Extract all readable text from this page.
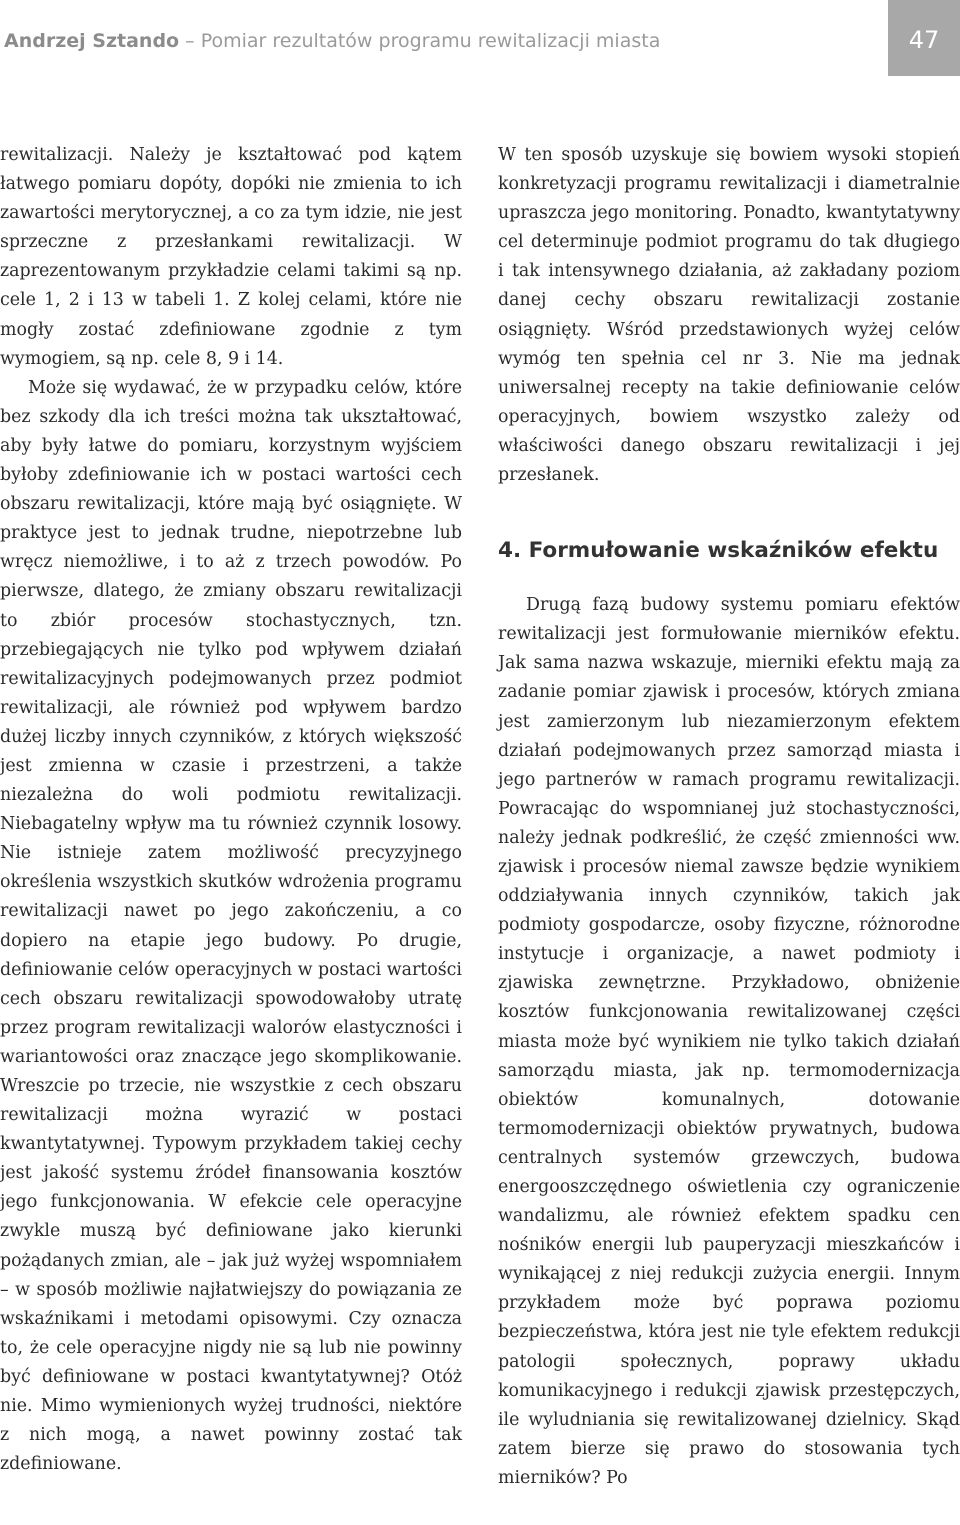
Andrzej Sztando – Pomiar rezultatów programu rewitalizacji miasta	47

rewitalizacji. Należy je kształtować pod kątem łatwego pomiaru dopóty, dopóki nie zmienia to ich zawartości merytorycznej, a co za tym idzie, nie jest sprzeczne z przesłankami rewitalizacji. W zaprezentowanym przykładzie celami takimi są np. cele 1, 2 i 13 w tabeli 1. Z kolej celami, które nie mogły zostać zdefiniowane zgodnie z tym wymogiem, są np. cele 8, 9 i 14.

Może się wydawać, że w przypadku celów, które bez szkody dla ich treści można tak ukształtować, aby były łatwe do pomiaru, korzystnym wyjściem byłoby zdefiniowanie ich w postaci wartości cech obszaru rewitalizacji, które mają być osiągnięte. W praktyce jest to jednak trudne, niepotrzebne lub wręcz niemożliwe, i to aż z trzech powodów. Po pierwsze, dlatego, że zmiany obszaru rewitalizacji to zbiór procesów stochastycznych, tzn. przebiegających nie tylko pod wpływem działań rewitalizacyjnych podejmowanych przez podmiot rewitalizacji, ale również pod wpływem bardzo dużej liczby innych czynników, z których większość jest zmienna w czasie i przestrzeni, a także niezależna do woli podmiotu rewitalizacji. Niebagatelny wpływ ma tu również czynnik losowy. Nie istnieje zatem możliwość precyzyjnego określenia wszystkich skutków wdrożenia programu rewitalizacji nawet po jego zakończeniu, a co dopiero na etapie jego budowy. Po drugie, definiowanie celów operacyjnych w postaci wartości cech obszaru rewitalizacji spowodowałoby utratę przez program rewitalizacji walorów elastyczności i wariantowości oraz znaczące jego skomplikowanie. Wreszcie po trzecie, nie wszystkie z cech obszaru rewitalizacji można wyrazić w postaci kwantytatywnej. Typowym przykładem takiej cechy jest jakość systemu źródeł finansowania kosztów jego funkcjonowania. W efekcie cele operacyjne zwykle muszą być definiowane jako kierunki pożądanych zmian, ale – jak już wyżej wspomniałem – w sposób możliwie najłatwiejszy do powiązania ze wskaźnikami i metodami opisowymi. Czy oznacza to, że cele operacyjne nigdy nie są lub nie powinny być definiowane w postaci kwantytatywnej? Otóż nie. Mimo wymienionych wyżej trudności, niektóre z nich mogą, a nawet powinny zostać tak zdefiniowane.

W ten sposób uzyskuje się bowiem wysoki stopień konkretyzacji programu rewitalizacji i diametralnie upraszcza jego monitoring. Ponadto, kwantytatywny cel determinuje podmiot programu do tak długiego i tak intensywnego działania, aż zakładany poziom danej cechy obszaru rewitalizacji zostanie osiągnięty. Wśród przedstawionych wyżej celów wymóg ten spełnia cel nr 3. Nie ma jednak uniwersalnej recepty na takie definiowanie celów operacyjnych, bowiem wszystko zależy od właściwości danego obszaru rewitalizacji i jej przesłanek.

4. Formułowanie wskaźników efektu

Drugą fazą budowy systemu pomiaru efektów rewitalizacji jest formułowanie mierników efektu. Jak sama nazwa wskazuje, mierniki efektu mają za zadanie pomiar zjawisk i procesów, których zmiana jest zamierzonym lub niezamierzonym efektem działań podejmowanych przez samorząd miasta i jego partnerów w ramach programu rewitalizacji. Powracając do wspomnianej już stochastyczności, należy jednak podkreślić, że część zmienności ww. zjawisk i procesów niemal zawsze będzie wynikiem oddziaływania innych czynników, takich jak podmioty gospodarcze, osoby fizyczne, różnorodne instytucje i organizacje, a nawet podmioty i zjawiska zewnętrzne. Przykładowo, obniżenie kosztów funkcjonowania rewitalizowanej części miasta może być wynikiem nie tylko takich działań samorządu miasta, jak np. termomodernizacja obiektów komunalnych, dotowanie termomodernizacji obiektów prywatnych, budowa centralnych systemów grzewczych, budowa energooszczędnego oświetlenia czy ograniczenie wandalizmu, ale również efektem spadku cen nośników energii lub pauperyzacji mieszkańców i wynikającej z niej redukcji zużycia energii. Innym przykładem może być poprawa poziomu bezpieczeństwa, która jest nie tyle efektem redukcji patologii społecznych, poprawy układu komunikacyjnego i redukcji zjawisk przestępczych, ile wyludniania się rewitalizowanej dzielnicy. Skąd zatem bierze się prawo do stosowania tych mierników? Po
